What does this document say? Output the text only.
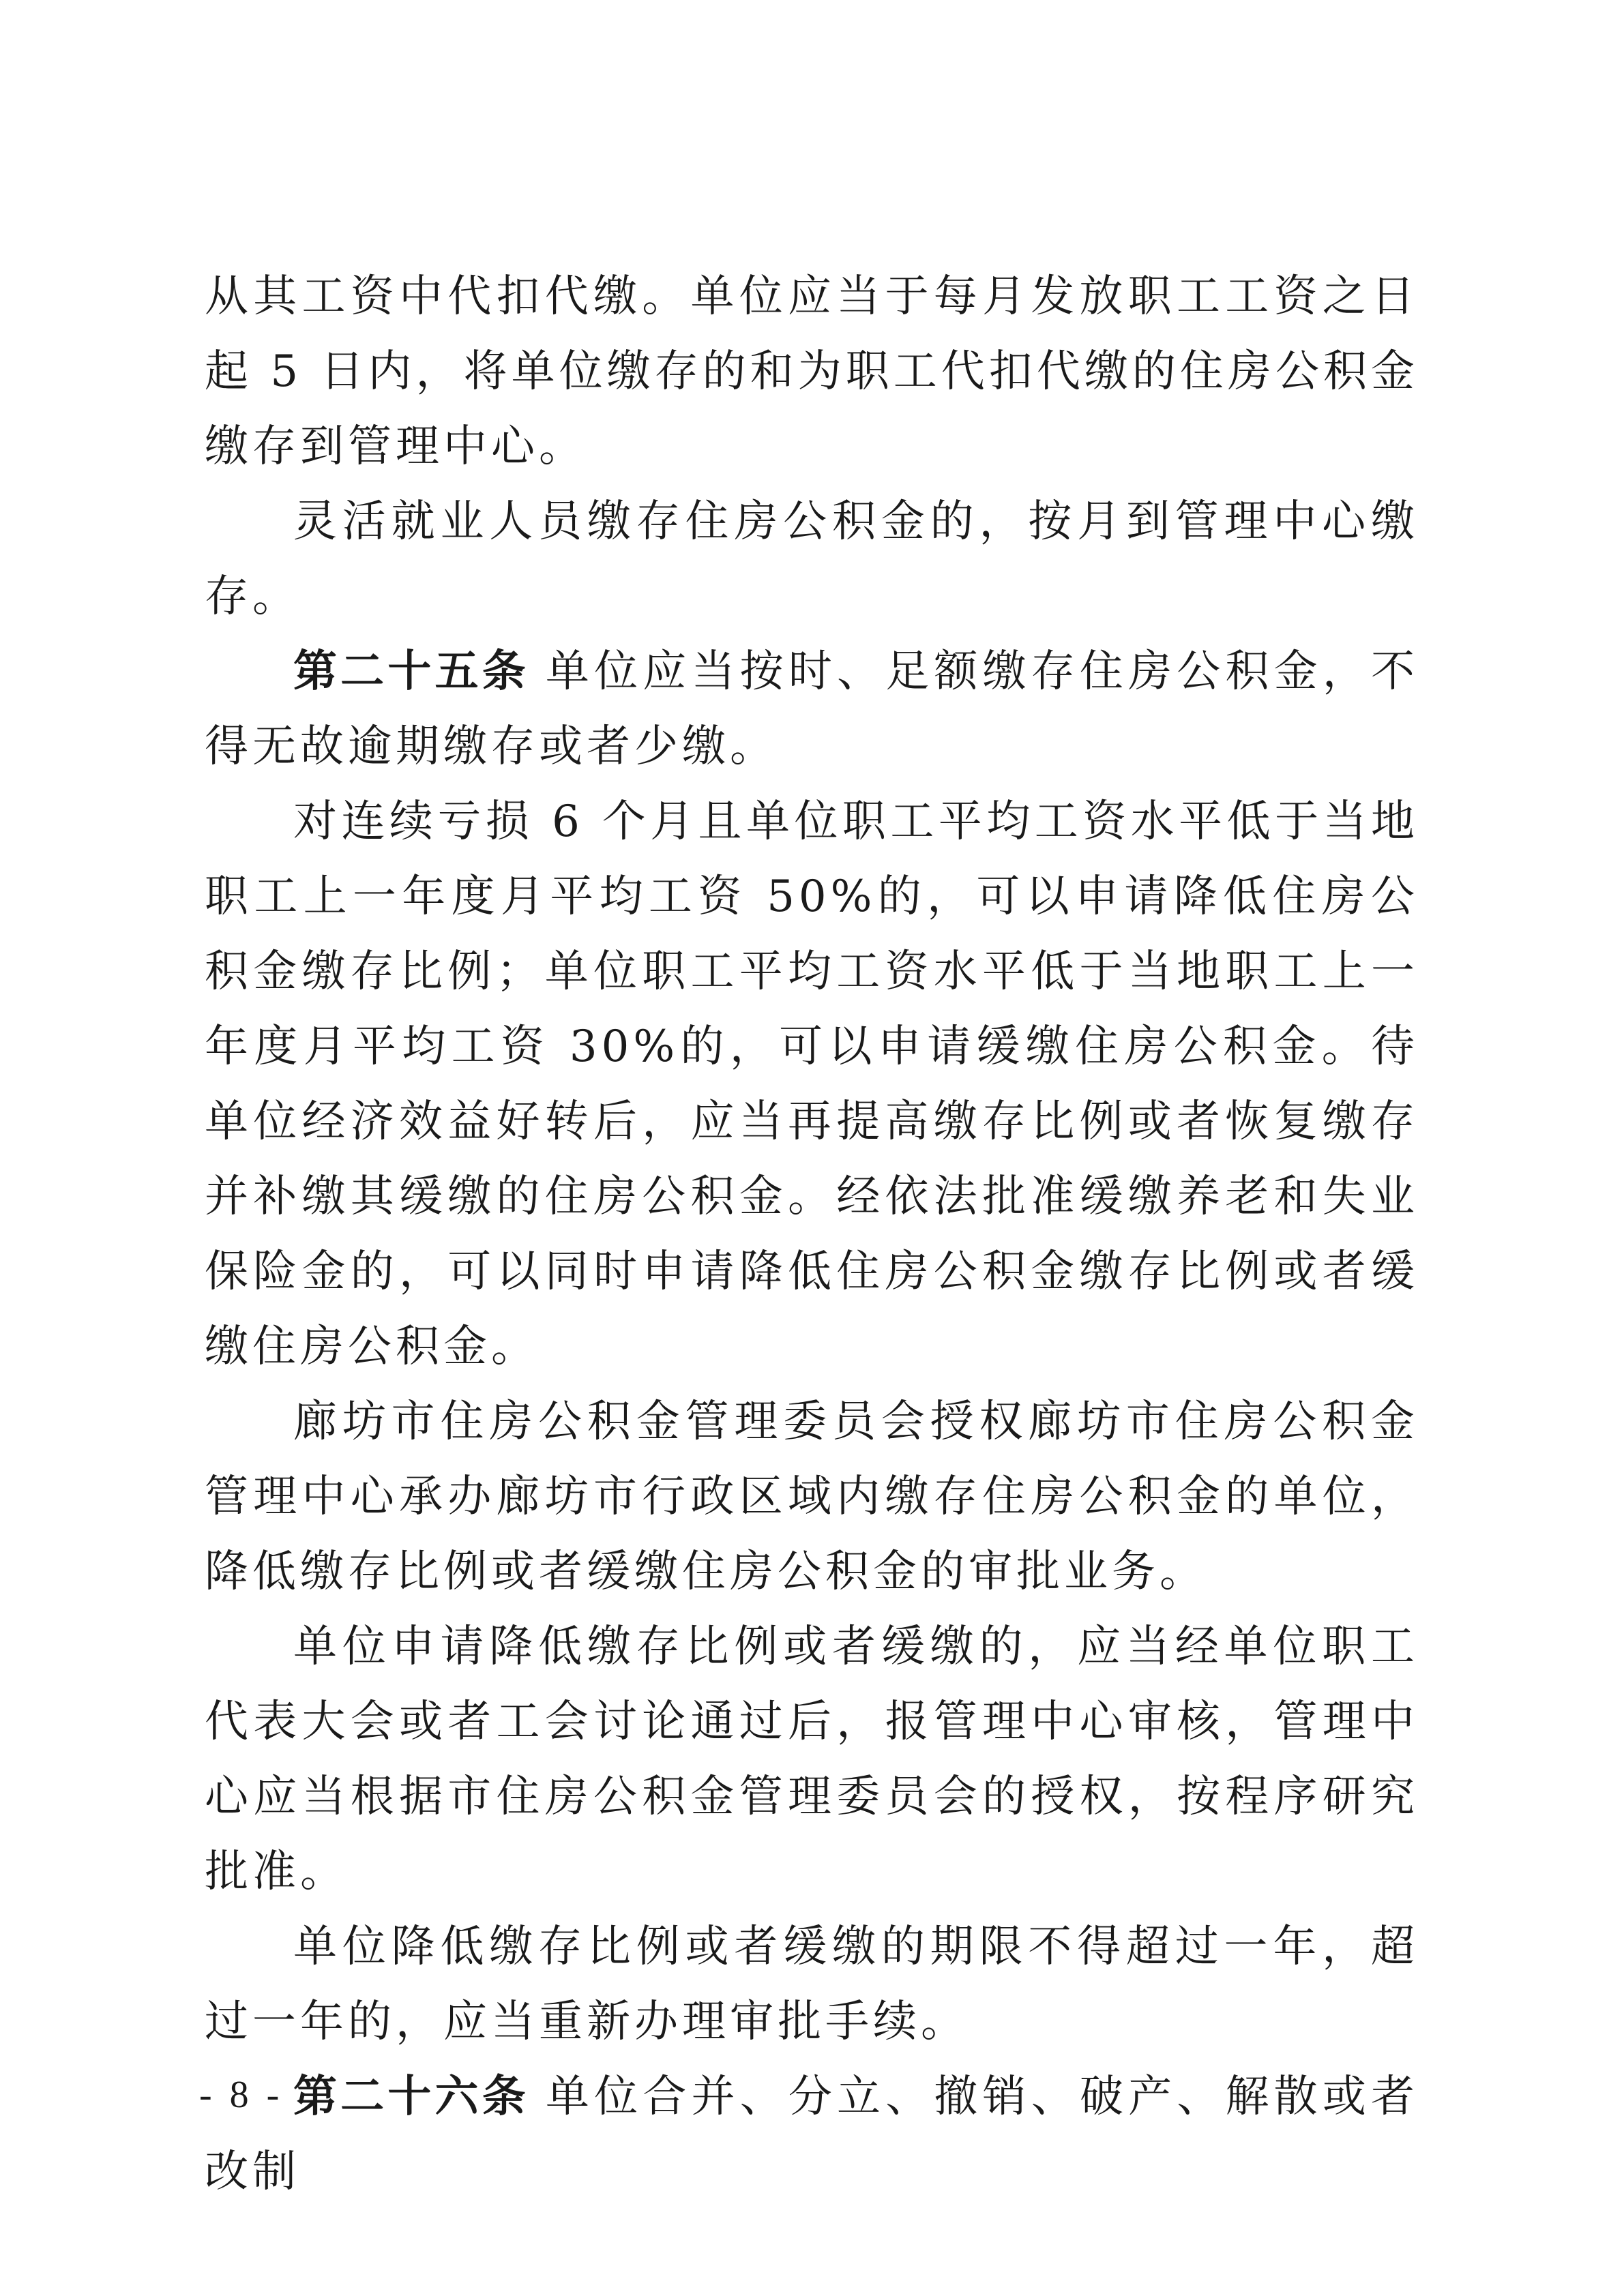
从其工资中代扣代缴。单位应当于每月发放职工工资之日起 5 日内，将单位缴存的和为职工代扣代缴的住房公积金缴存到管理中心。

灵活就业人员缴存住房公积金的，按月到管理中心缴存。

第二十五条 单位应当按时、足额缴存住房公积金，不得无故逾期缴存或者少缴。

对连续亏损 6 个月且单位职工平均工资水平低于当地职工上一年度月平均工资 50%的，可以申请降低住房公积金缴存比例；单位职工平均工资水平低于当地职工上一年度月平均工资 30%的，可以申请缓缴住房公积金。待单位经济效益好转后，应当再提高缴存比例或者恢复缴存并补缴其缓缴的住房公积金。经依法批准缓缴养老和失业保险金的，可以同时申请降低住房公积金缴存比例或者缓缴住房公积金。

廊坊市住房公积金管理委员会授权廊坊市住房公积金管理中心承办廊坊市行政区域内缴存住房公积金的单位，降低缴存比例或者缓缴住房公积金的审批业务。

单位申请降低缴存比例或者缓缴的，应当经单位职工代表大会或者工会讨论通过后，报管理中心审核，管理中心应当根据市住房公积金管理委员会的授权，按程序研究批准。

单位降低缴存比例或者缓缴的期限不得超过一年，超过一年的，应当重新办理审批手续。

第二十六条 单位合并、分立、撤销、破产、解散或者改制

- 8 -
